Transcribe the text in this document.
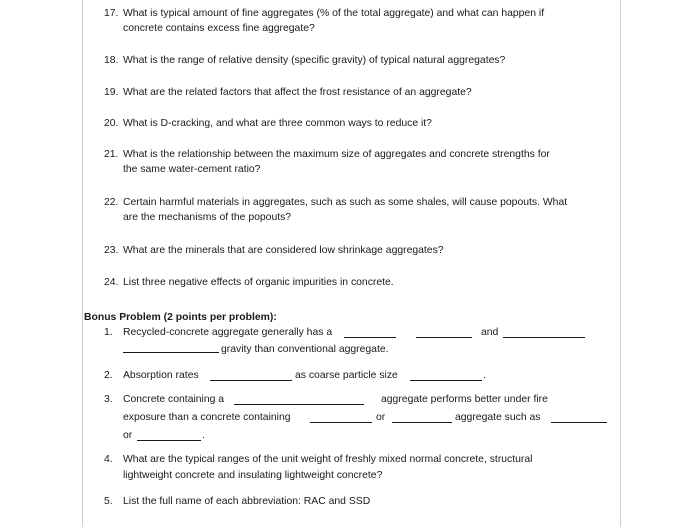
17. What is typical amount of fine aggregates (% of the total aggregate) and what can happen if
concrete contains excess fine aggregate?
18. What is the range of relative density (specific gravity) of typical natural aggregates?
19. What are the related factors that affect the frost resistance of an aggregate?
20. What is D-cracking, and what are three common ways to reduce it?
21. What is the relationship between the maximum size of aggregates and concrete strengths for
the same water-cement ratio?
22. Certain harmful materials in aggregates, such as such as some shales, will cause popouts. What
are the mechanisms of the popouts?
23. What are the minerals that are considered low shrinkage aggregates?
24. List three negative effects of organic impurities in concrete.
Bonus Problem (2 points per problem):
1. Recycled-concrete aggregate generally has a	and
gravity than conventional aggregate.
2. Absorption rates	as coarse particle size	.
3. Concrete containing a	aggregate performs better under fire
exposure than a concrete containing	or	aggregate such as
or	.
4. What are the typical ranges of the unit weight of freshly mixed normal concrete, structural
lightweight concrete and insulating lightweight concrete?
5. List the full name of each abbreviation: RAC and SSD
